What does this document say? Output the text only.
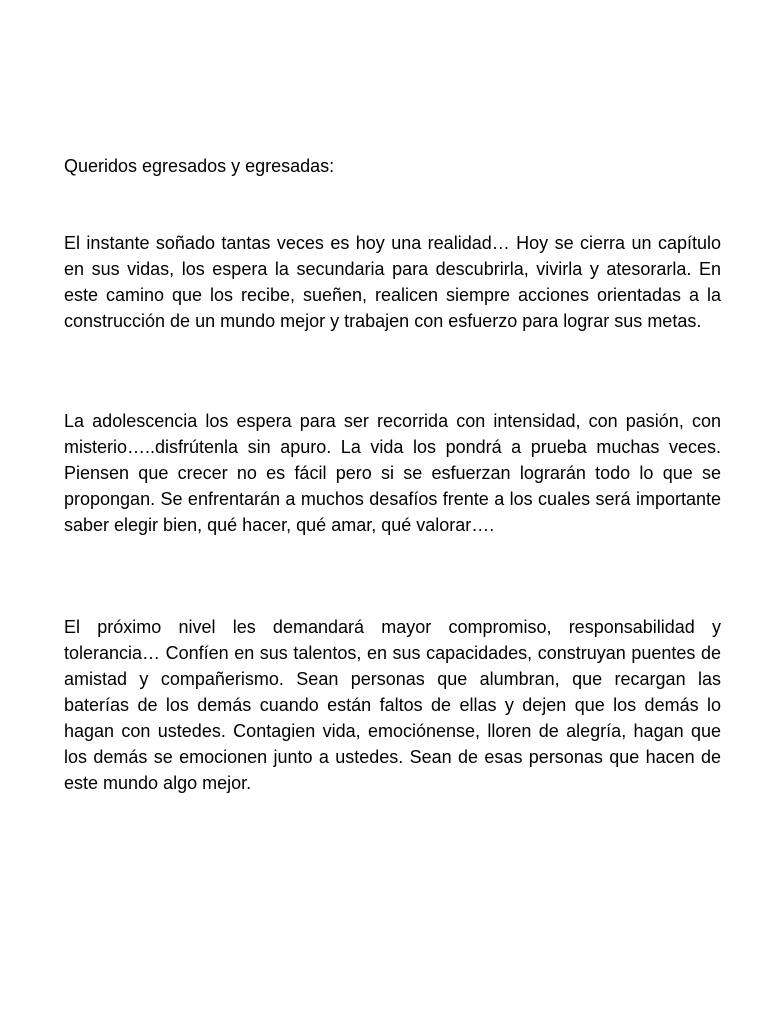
Queridos egresados y egresadas:

El instante soñado tantas veces es hoy una realidad… Hoy se cierra un capítulo en sus vidas, los espera la secundaria para descubrirla, vivirla y atesorarla. En este camino que los recibe, sueñen, realicen siempre acciones orientadas a la construcción de un mundo mejor y trabajen con esfuerzo para lograr sus metas.

La adolescencia los espera para ser recorrida con intensidad, con pasión, con misterio…..disfrútenla sin apuro. La vida los pondrá a prueba muchas veces. Piensen que crecer no es fácil pero si se esfuerzan lograrán todo lo que se propongan. Se enfrentarán a muchos desafíos frente a los cuales será importante saber elegir bien, qué hacer, qué amar, qué valorar….

El próximo nivel les demandará mayor compromiso, responsabilidad y tolerancia… Confíen en sus talentos, en sus capacidades, construyan puentes de amistad y compañerismo. Sean personas que alumbran, que recargan las baterías de los demás cuando están faltos de ellas y dejen que los demás lo hagan con ustedes. Contagien vida, emociónense, lloren de alegría, hagan que los demás se emocionen junto a ustedes. Sean de esas personas que hacen de este mundo algo mejor.
